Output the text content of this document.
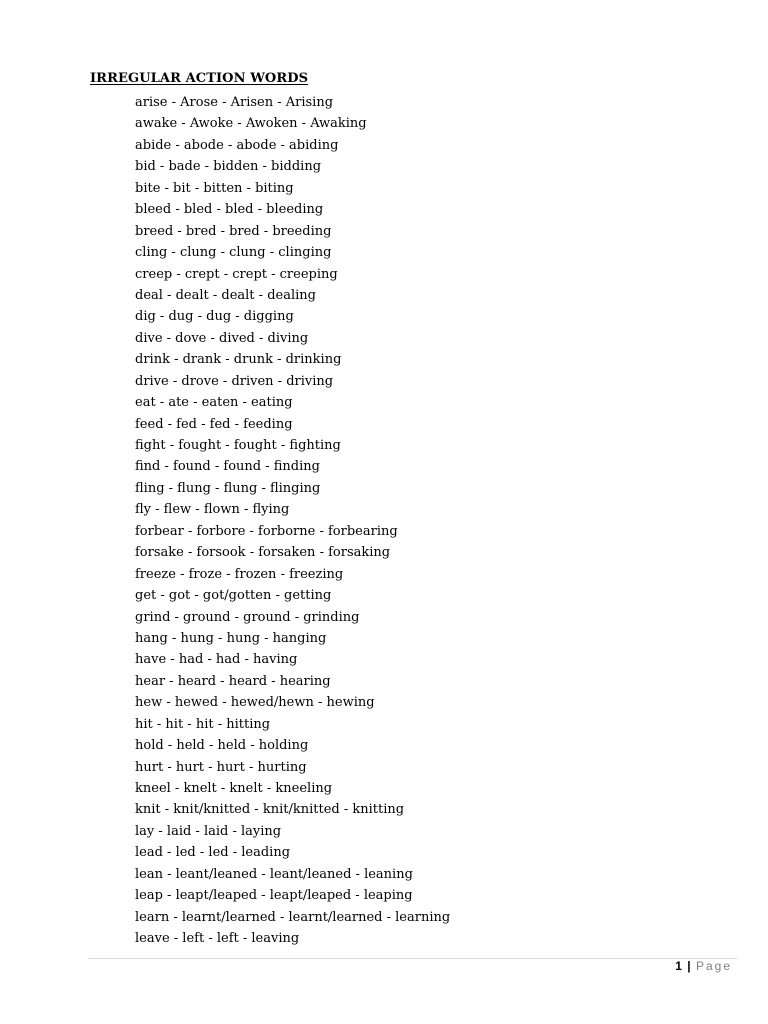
IRREGULAR ACTION WORDS
arise - Arose - Arisen - Arising
awake - Awoke - Awoken - Awaking
abide - abode - abode - abiding
bid - bade - bidden - bidding
bite - bit - bitten - biting
bleed - bled - bled - bleeding
breed - bred - bred - breeding
cling - clung - clung - clinging
creep - crept - crept - creeping
deal - dealt - dealt - dealing
dig - dug - dug - digging
dive - dove - dived - diving
drink - drank - drunk - drinking
drive - drove - driven - driving
eat - ate - eaten - eating
feed - fed - fed - feeding
fight - fought - fought - fighting
find - found - found - finding
fling - flung - flung - flinging
fly - flew - flown - flying
forbear - forbore - forborne - forbearing
forsake - forsook - forsaken - forsaking
freeze - froze - frozen - freezing
get - got - got/gotten - getting
grind - ground - ground - grinding
hang - hung - hung - hanging
have - had - had - having
hear - heard - heard - hearing
hew - hewed - hewed/hewn - hewing
hit - hit - hit - hitting
hold - held - held - holding
hurt - hurt - hurt - hurting
kneel - knelt - knelt - kneeling
knit - knit/knitted - knit/knitted - knitting
lay - laid - laid - laying
lead - led - led - leading
lean - leant/leaned - leant/leaned - leaning
leap - leapt/leaped - leapt/leaped - leaping
learn - learnt/learned - learnt/learned - learning
leave - left - left - leaving
1 | Page
